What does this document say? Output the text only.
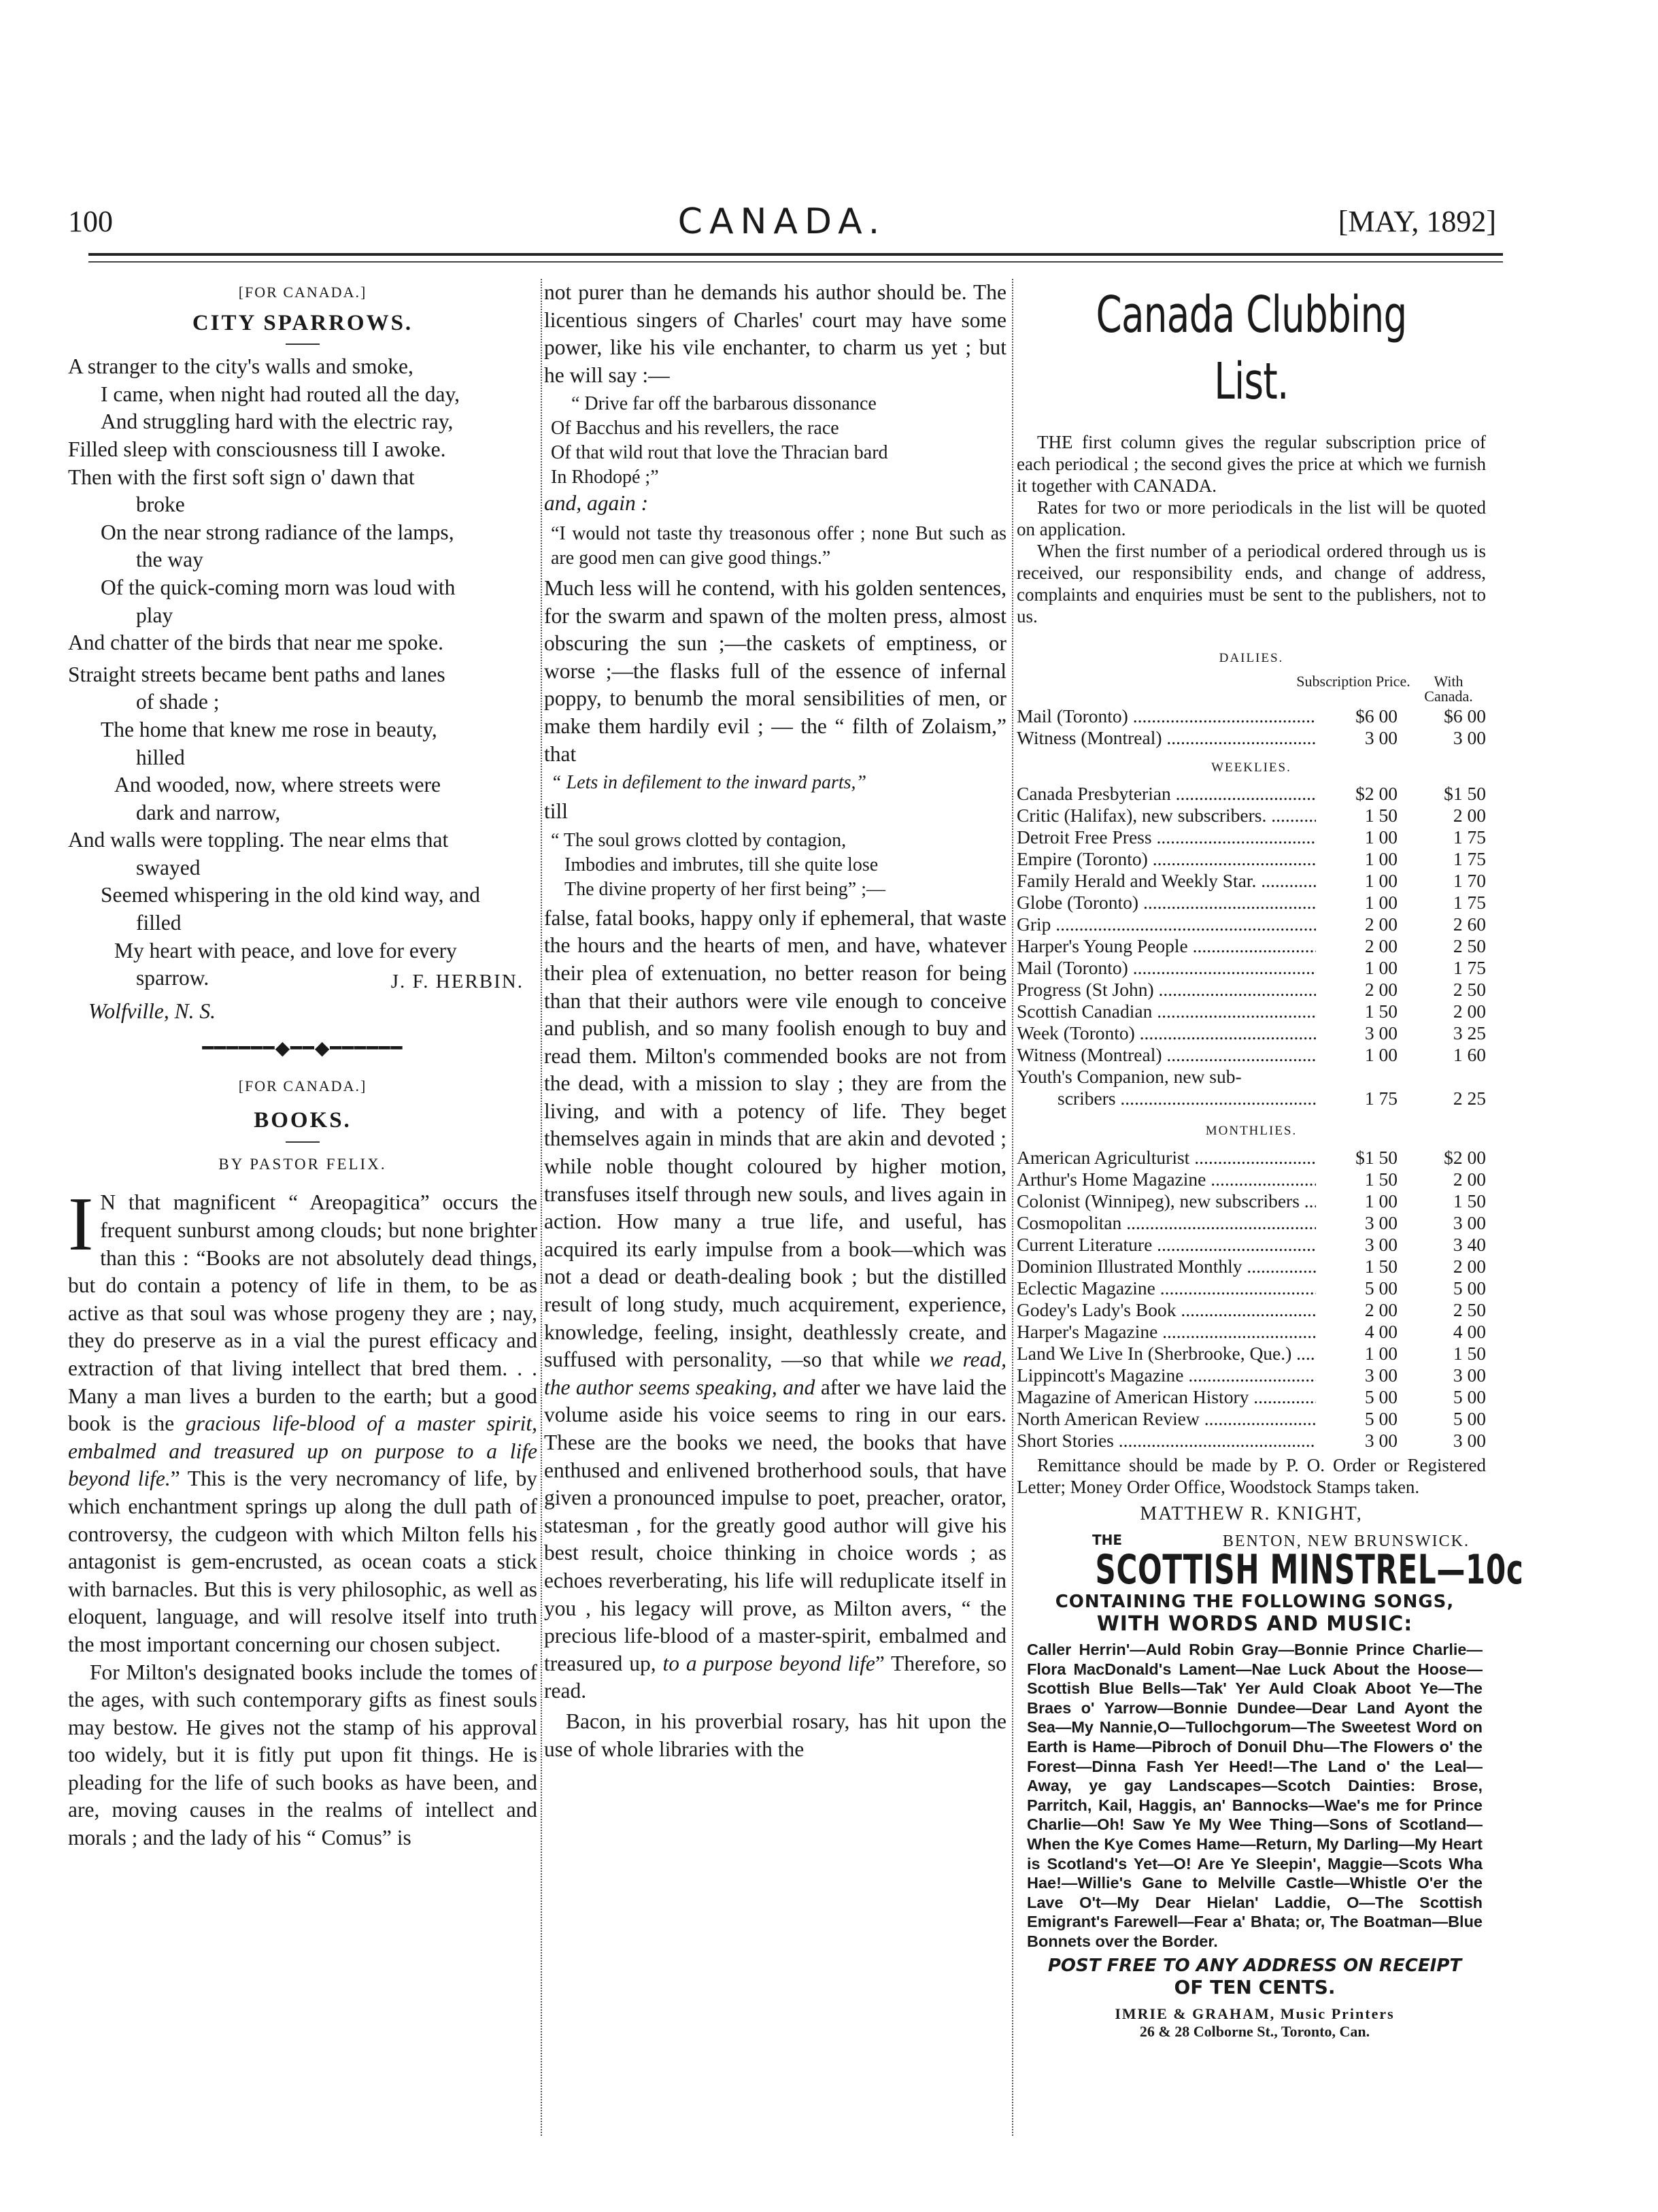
100	CANADA.	[MAY, 1892]

[FOR CANADA.]

CITY SPARROWS.

A stranger to the city's walls and smoke,

I came, when night had routed all the day,

And struggling hard with the electric ray,

Filled sleep with consciousness till I awoke.

Then with the first soft sign o' dawn that

broke

On the near strong radiance of the lamps,

the way

Of the quick-coming morn was loud with

play

And chatter of the birds that near me spoke.

Straight streets became bent paths and lanes

of shade ;

The home that knew me rose in beauty,

hilled

And wooded, now, where streets were

dark and narrow,

And walls were toppling. The near elms that

swayed

Seemed whispering in the old kind way, and

filled

My heart with peace, and love for every

sparrow.	J. F. HERBIN.

Wolfville, N. S.

━━━━━━◆━━◆━━━━━━

[FOR CANADA.]

BOOKS.

BY PASTOR FELIX.

I N that magnificent “ Areopagitica” occurs the frequent sunburst among clouds; but none brighter than this : “Books are not absolutely dead things, but do contain a potency of life in them, to be as active as that soul was whose progeny they are ; nay, they do preserve as in a vial the purest efficacy and extraction of that living intellect that bred them. . . Many a man lives a burden to the earth; but a good book is the gracious life-blood of a master spirit, embalmed and treasured up on purpose to a life beyond life.” This is the very necromancy of life, by which enchantment springs up along the dull path of controversy, the cudgeon with which Milton fells his antagonist is gem-encrusted, as ocean coats a stick with barnacles. But this is very philosophic, as well as eloquent, language, and will resolve itself into truth the most important concerning our chosen subject.

For Milton's designated books include the tomes of the ages, with such contemporary gifts as finest souls may bestow. He gives not the stamp of his approval too widely, but it is fitly put upon fit things. He is pleading for the life of such books as have been, and are, moving causes in the realms of intellect and morals ; and the lady of his “ Comus” is

not purer than he demands his author should be. The licentious singers of Charles' court may have some power, like his vile enchanter, to charm us yet ; but he will say :—

“ Drive far off the barbarous dissonance

Of Bacchus and his revellers, the race

Of that wild rout that love the Thracian bard

In Rhodopé ;”

and, again :

“I would not taste thy treasonous offer ; none But such as are good men can give good things.”

Much less will he contend, with his golden sentences, for the swarm and spawn of the molten press, almost obscuring the sun ;—the caskets of emptiness, or worse ;—the flasks full of the essence of infernal poppy, to benumb the moral sensibilities of men, or make them hardily evil ; — the “ filth of Zolaism,” that

“ Lets in defilement to the inward parts,”

till

“ The soul grows clotted by contagion,

Imbodies and imbrutes, till she quite lose

The divine property of her first being” ;—

false, fatal books, happy only if ephemeral, that waste the hours and the hearts of men, and have, whatever their plea of extenuation, no better reason for being than that their authors were vile enough to conceive and publish, and so many foolish enough to buy and read them. Milton's commended books are not from the dead, with a mission to slay ; they are from the living, and with a potency of life. They beget themselves again in minds that are akin and devoted ; while noble thought coloured by higher motion, transfuses itself through new souls, and lives again in action. How many a true life, and useful, has acquired its early impulse from a book—which was not a dead or death-dealing book ; but the distilled result of long study, much acquirement, experience, knowledge, feeling, insight, deathlessly create, and suffused with personality, —so that while we read, the author seems speaking, and after we have laid the volume aside his voice seems to ring in our ears. These are the books we need, the books that have enthused and enlivened brotherhood souls, that have given a pronounced impulse to poet, preacher, orator, statesman , for the greatly good author will give his best result, choice thinking in choice words ; as echoes reverberating, his life will reduplicate itself in you , his legacy will prove, as Milton avers, “ the precious life-blood of a master-spirit, embalmed and treasured up, to a purpose beyond life” Therefore, so read.

Bacon, in his proverbial rosary, has hit upon the use of whole libraries with the

Canada Clubbing List.

THE first column gives the regular subscription price of each periodical ; the second gives the price at which we furnish it together with CANADA.

Rates for two or more periodicals in the list will be quoted on application.

When the first number of a periodical ordered through us is received, our responsibility ends, and change of address, complaints and enquiries must be sent to the publishers, not to us.

DAILIES.

Subscription Price.	With Canada.
Mail (Toronto) .....	$6 00	$6 00
Witness (Montreal) .....	3 00	3 00

WEEKLIES.

Canada Presbyterian .....	$2 00	$1 50
Critic (Halifax), new subscribers. .....	1 50	2 00
Detroit Free Press .....	1 00	1 75
Empire (Toronto) .....	1 00	1 75
Family Herald and Weekly Star. .....	1 00	1 70
Globe (Toronto) .....	1 00	1 75
Grip .....	2 00	2 60
Harper's Young People .....	2 00	2 50
Mail (Toronto) .....	1 00	1 75
Progress (St John) .....	2 00	2 50
Scottish Canadian .....	1 50	2 00
Week (Toronto) .....	3 00	3 25
Witness (Montreal) .....	1 00	1 60
Youth's Companion, new sub-
scribers .....	1 75	2 25

MONTHLIES.

American Agriculturist .....	$1 50	$2 00
Arthur's Home Magazine .....	1 50	2 00
Colonist (Winnipeg), new subscribers .....	1 00	1 50
Cosmopolitan .....	3 00	3 00
Current Literature .....	3 00	3 40
Dominion Illustrated Monthly .....	1 50	2 00
Eclectic Magazine .....	5 00	5 00
Godey's Lady's Book .....	2 00	2 50
Harper's Magazine .....	4 00	4 00
Land We Live In (Sherbrooke, Que.) .....	1 00	1 50
Lippincott's Magazine .....	3 00	3 00
Magazine of American History .....	5 00	5 00
North American Review .....	5 00	5 00
Short Stories .....	3 00	3 00

Remittance should be made by P. O. Order or Registered Letter; Money Order Office, Woodstock Stamps taken.

MATTHEW R. KNIGHT,

BENTON, NEW BRUNSWICK.

THE

SCOTTISH MINSTREL—10c

CONTAINING THE FOLLOWING SONGS,

WITH WORDS AND MUSIC:

Caller Herrin'—Auld Robin Gray—Bonnie Prince Charlie—Flora MacDonald's Lament—Nae Luck About the Hoose—Scottish Blue Bells—Tak' Yer Auld Cloak Aboot Ye—The Braes o' Yarrow—Bonnie Dundee—Dear Land Ayont the Sea—My Nannie,O—Tullochgorum—The Sweetest Word on Earth is Hame—Pibroch of Donuil Dhu—The Flowers o' the Forest—Dinna Fash Yer Heed!—The Land o' the Leal—Away, ye gay Landscapes—Scotch Dainties: Brose, Parritch, Kail, Haggis, an' Bannocks—Wae's me for Prince Charlie—Oh! Saw Ye My Wee Thing—Sons of Scotland—When the Kye Comes Hame—Return, My Darling—My Heart is Scotland's Yet—O! Are Ye Sleepin', Maggie—Scots Wha Hae!—Willie's Gane to Melville Castle—Whistle O'er the Lave O't—My Dear Hielan' Laddie, O—The Scottish Emigrant's Farewell—Fear a' Bhata; or, The Boatman—Blue Bonnets over the Border.

POST FREE TO ANY ADDRESS ON RECEIPT

OF TEN CENTS.

IMRIE & GRAHAM, Music Printers

26 & 28 Colborne St., Toronto, Can.
